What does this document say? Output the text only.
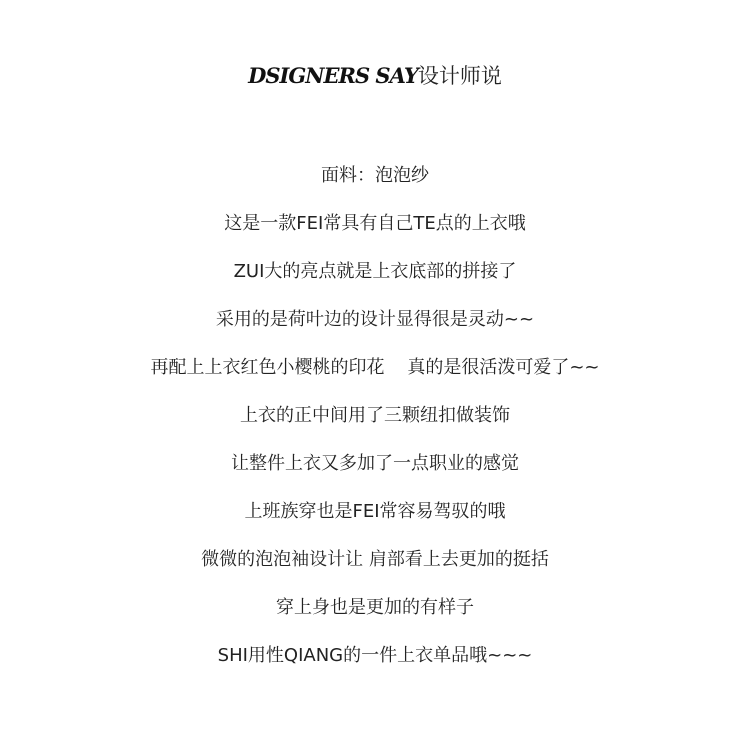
DSIGNERS SAY设计师说
面料：泡泡纱
这是一款FEI常具有自己TE点的上衣哦
ZUI大的亮点就是上衣底部的拼接了
采用的是荷叶边的设计显得很是灵动~~
再配上上衣红色小樱桃的印花    真的是很活泼可爱了~~
上衣的正中间用了三颗纽扣做装饰
让整件上衣又多加了一点职业的感觉
上班族穿也是FEI常容易驾驭的哦
微微的泡泡袖设计让 肩部看上去更加的挺括
穿上身也是更加的有样子
SHI用性QIANG的一件上衣单品哦~~~
